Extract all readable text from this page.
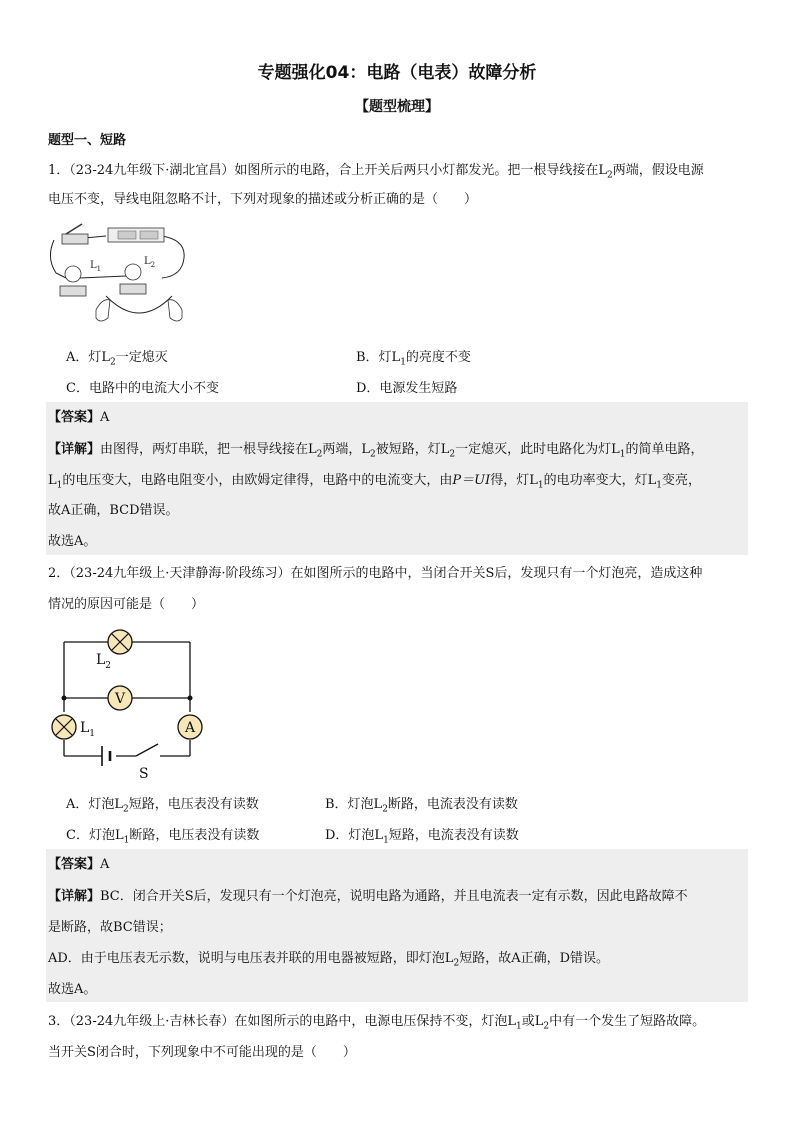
专题强化04：电路（电表）故障分析
【题型梳理】
题型一、短路
1．（23-24九年级下·湖北宜昌）如图所示的电路，合上开关后两只小灯都发光。把一根导线接在$L_2$两端，假设电源
电压不变，导线电阻忽略不计，下列对现象的描述或分析正确的是（　　）
$L_1$
$L_2$
A．灯$L_2$一定熄灭	B．灯$L_1$的亮度不变
C．电路中的电流大小不变	D．电源发生短路
【答案】A
【详解】由图得，两灯串联，把一根导线接在$L_2$两端，$L_2$被短路，灯$L_2$一定熄灭，此时电路化为灯$L_1$的简单电路，
$L_1$的电压变大，电路电阻变小，由欧姆定律得，电路中的电流变大，由P＝UI得，灯$L_1$的电功率变大，灯$L_1$变亮，
故A正确，BCD错误。
故选A。
2．（23-24九年级上·天津静海·阶段练习）在如图所示的电路中，当闭合开关S后，发现只有一个灯泡亮，造成这种
情况的原因可能是（　　）
$L_2$
V
$L_1$	A
S
A．灯泡$L_2$短路，电压表没有读数	B．灯泡$L_2$断路，电流表没有读数
C．灯泡$L_1$断路，电压表没有读数	D．灯泡$L_1$短路，电流表没有读数
【答案】A
【详解】BC．闭合开关S后，发现只有一个灯泡亮，说明电路为通路，并且电流表一定有示数，因此电路故障不
是断路，故BC错误；
AD．由于电压表无示数，说明与电压表并联的用电器被短路，即灯泡$L_2$短路，故A正确，D错误。
故选A。
3．（23-24九年级上·吉林长春）在如图所示的电路中，电源电压保持不变，灯泡$L_1$或$L_2$中有一个发生了短路故障。
当开关S闭合时，下列现象中不可能出现的是（　　）
